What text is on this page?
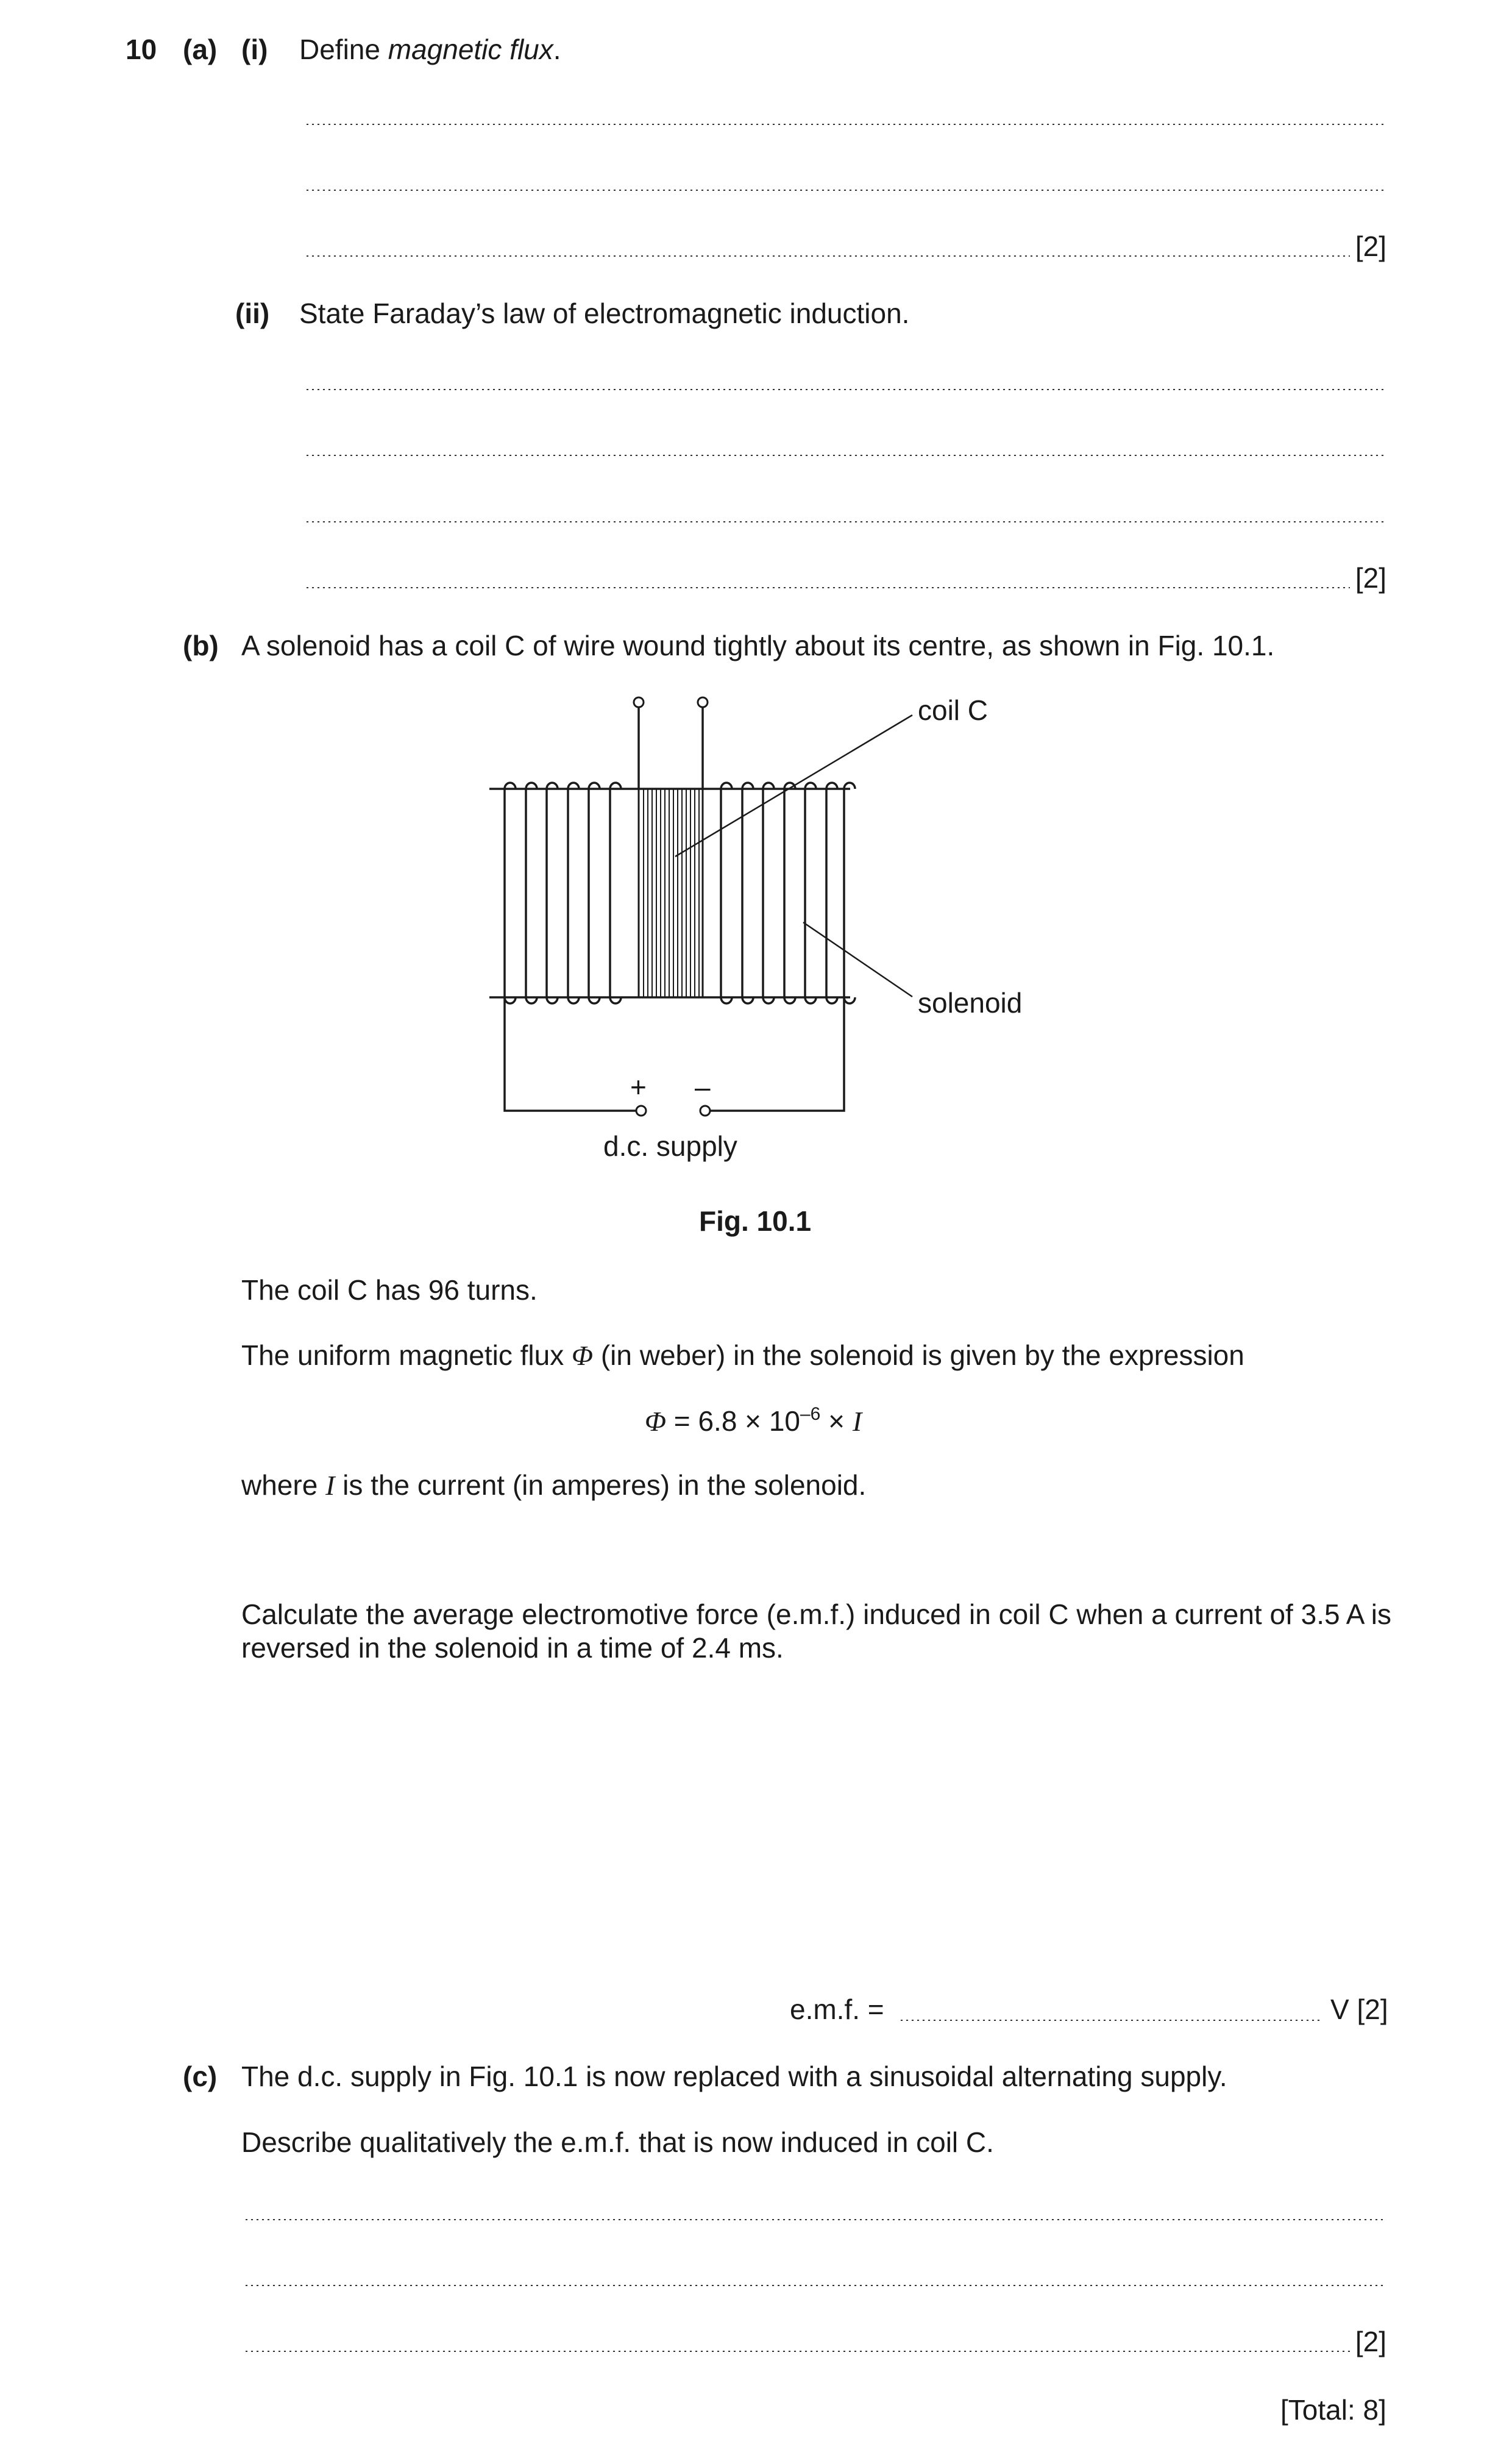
10 (a) (i) Define magnetic flux.
[2]
(ii) State Faraday’s law of electromagnetic induction.
[2]
(b) A solenoid has a coil C of wire wound tightly about its centre, as shown in Fig. 10.1.
coil C
solenoid
+ –
d.c. supply
Fig. 10.1
The coil C has 96 turns.
The uniform magnetic flux Φ (in weber) in the solenoid is given by the expression
$\Phi = 6.8 \times 10^{-6} \times I$
where I is the current (in amperes) in the solenoid.
Calculate the average electromotive force (e.m.f.) induced in coil C when a current of 3.5 A is
reversed in the solenoid in a time of 2.4 ms.
e.m.f. =	V [2]
(c) The d.c. supply in Fig. 10.1 is now replaced with a sinusoidal alternating supply.
Describe qualitatively the e.m.f. that is now induced in coil C.
[2]
[Total: 8]
